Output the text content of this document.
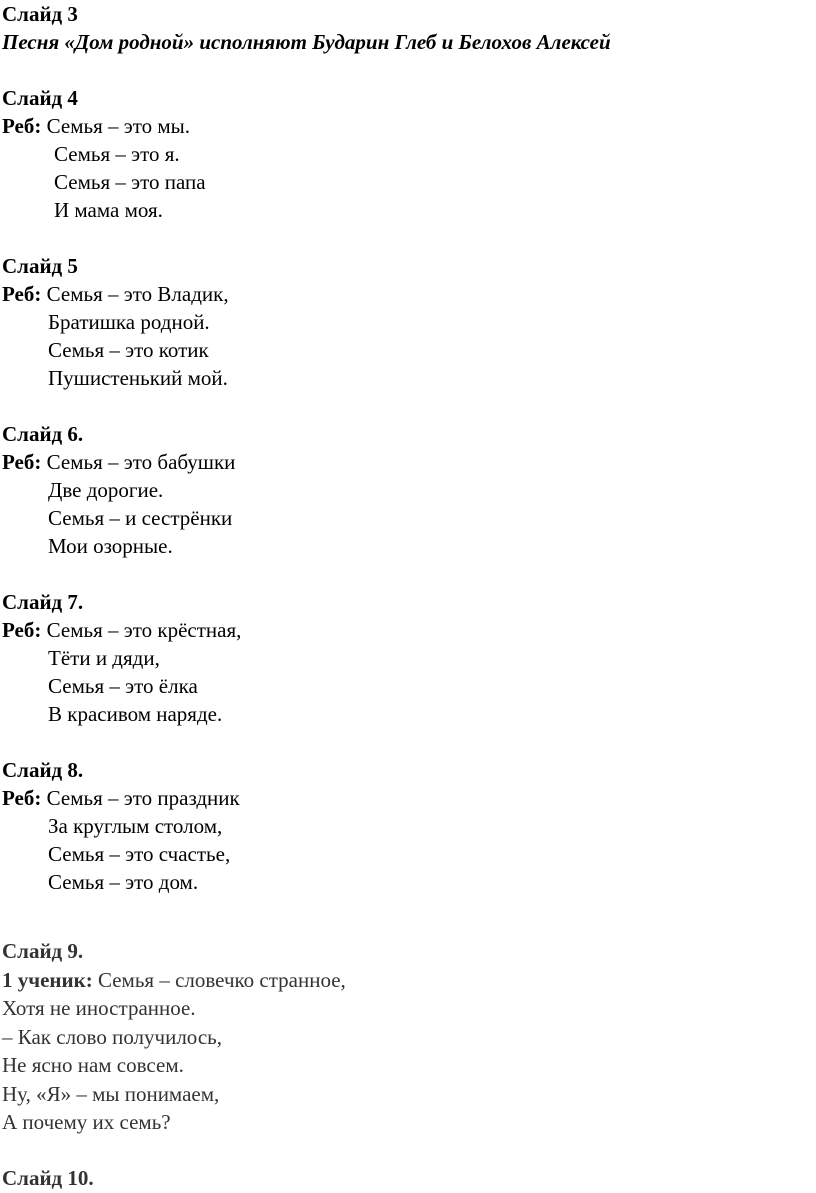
Слайд 3
Песня «Дом родной» исполняют Бударин Глеб и Белохов Алексей
Слайд 4
Реб: Семья – это мы.
Семья – это я.
Семья – это папа
И мама моя.
Слайд 5
Реб: Семья – это Владик,
Братишка родной.
Семья – это котик
Пушистенький мой.
Слайд 6.
Реб: Семья – это бабушки
Две дорогие.
Семья – и сестрёнки
Мои озорные.
Слайд 7.
Реб: Семья – это крёстная,
Тёти и дяди,
Семья – это ёлка
В красивом наряде.
Слайд 8.
Реб: Семья – это праздник
За круглым столом,
Семья – это счастье,
Семья – это дом.
Слайд 9.
1 ученик: Семья – словечко странное,
Хотя не иностранное.
– Как слово получилось,
Не ясно нам совсем.
Ну, «Я» – мы понимаем,
А почему их семь?
Слайд 10.
